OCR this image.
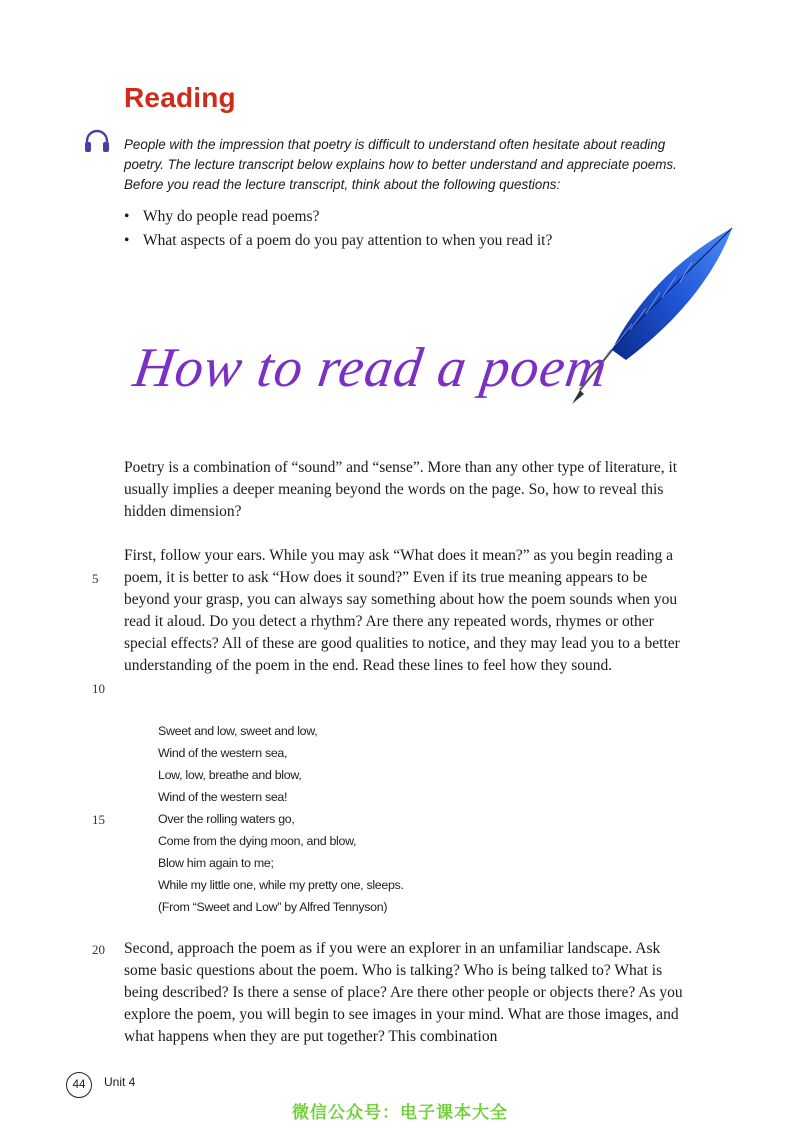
Reading
People with the impression that poetry is difficult to understand often hesitate about reading poetry. The lecture transcript below explains how to better understand and appreciate poems. Before you read the lecture transcript, think about the following questions:
• Why do people read poems?
• What aspects of a poem do you pay attention to when you read it?
How to read a poem

Poetry is a combination of “sound” and “sense”. More than any other type of literature, it usually implies a deeper meaning beyond the words on the page. So, how to reveal this hidden dimension?

First, follow your ears. While you may ask “What does it mean?” as you begin reading a poem, it is better to ask “How does it sound?” Even if its true meaning appears to be beyond your grasp, you can always say something about how the poem sounds when you read it aloud. Do you detect a rhythm? Are there any repeated words, rhymes or other special effects? All of these are good qualities to notice, and they may lead you to a better understanding of the poem in the end. Read these lines to feel how they sound.

5
10
15
20
Sweet and low, sweet and low,
Wind of the western sea,
Low, low, breathe and blow,
Wind of the western sea!
Over the rolling waters go,
Come from the dying moon, and blow,
Blow him again to me;
While my little one, while my pretty one, sleeps.
(From “Sweet and Low” by Alfred Tennyson)

Second, approach the poem as if you were an explorer in an unfamiliar landscape. Ask some basic questions about the poem. Who is talking? Who is being talked to? What is being described? Is there a sense of place? Are there other people or objects there? As you explore the poem, you will begin to see images in your mind. What are those images, and what happens when they are put together? This combination

44	Unit 4
微信公众号：电子课本大全
